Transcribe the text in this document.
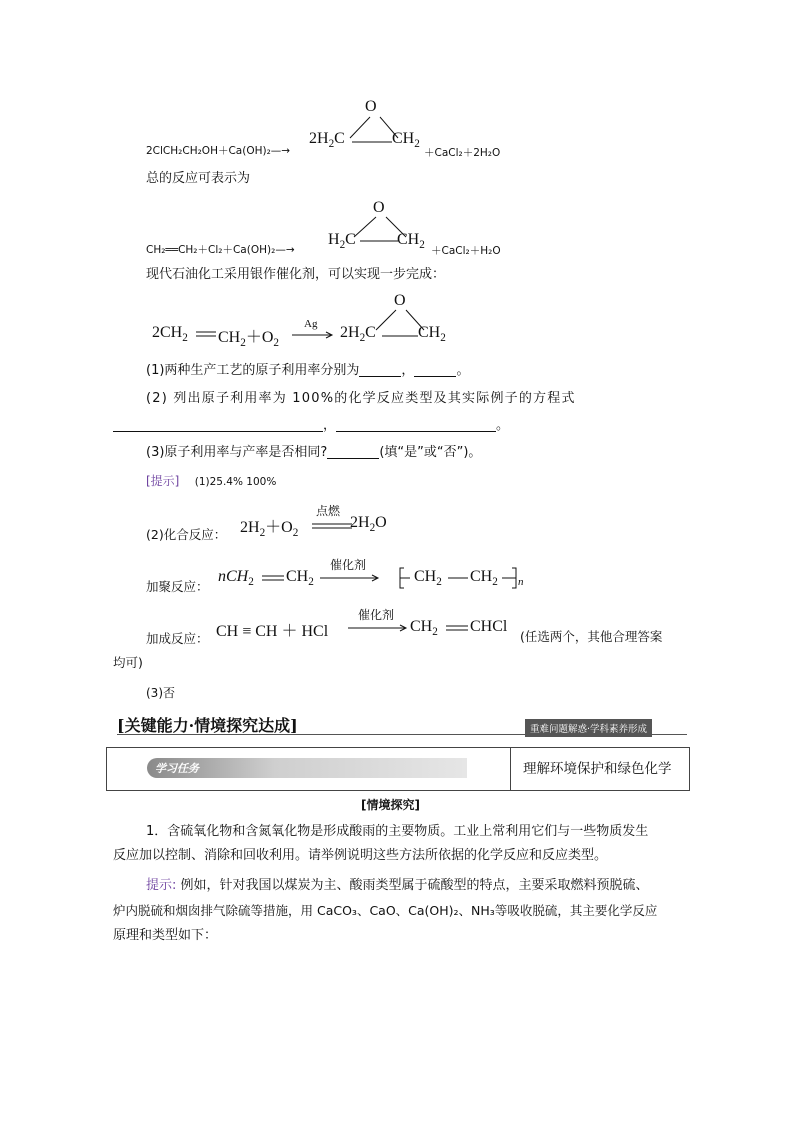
O
2ClCH₂CH₂OH＋Ca(OH)₂—→
$2H_2C$	$CH_2$
＋CaCl₂＋2H₂O
总的反应可表示为
O
CH₂══CH₂＋Cl₂＋Ca(OH)₂—→
$H_2C$	$CH_2$
＋CaCl₂＋H₂O
现代石油化工采用银作催化剂，可以实现一步完成：
O
$2CH_2$ $CH_2+O_2$
$Ag \to 2H_2C$	$CH_2$
(1)两种生产工艺的原子利用率分别为	，	。
(2) 列出原子利用率为 100%的化学反应类型及其实际例子的方程式
，	。
(3)原子利用率与产率是否相同?	(填“是”或“否”)。
[提示] (1)25.4% 100%
(2)化合反应： $2H_2+O_2$
点燃
$2H_2O$
加聚反应：
nCH$_2$ $CH_2$
催化剂
$CH_2$ $CH_2$ n
加成反应： CH ≡ CH ＋ HCl
催化剂
$CH_2$ CHCl
(任选两个，其他合理答案
均可)
(3)否
[关键能力·情境探究达成]	重难问题解惑·学科素养形成
学习任务	理解环境保护和绿色化学
[情境探究]
1．含硫氧化物和含氮氧化物是形成酸雨的主要物质。工业上常利用它们与一些物质发生
反应加以控制、消除和回收利用。请举例说明这些方法所依据的化学反应和反应类型。
提示: 例如，针对我国以煤炭为主、酸雨类型属于硫酸型的特点，主要采取燃料预脱硫、
炉内脱硫和烟囱排气除硫等措施，用 CaCO₃、CaO、Ca(OH)₂、NH₃等吸收脱硫，其主要化学反应
原理和类型如下：
